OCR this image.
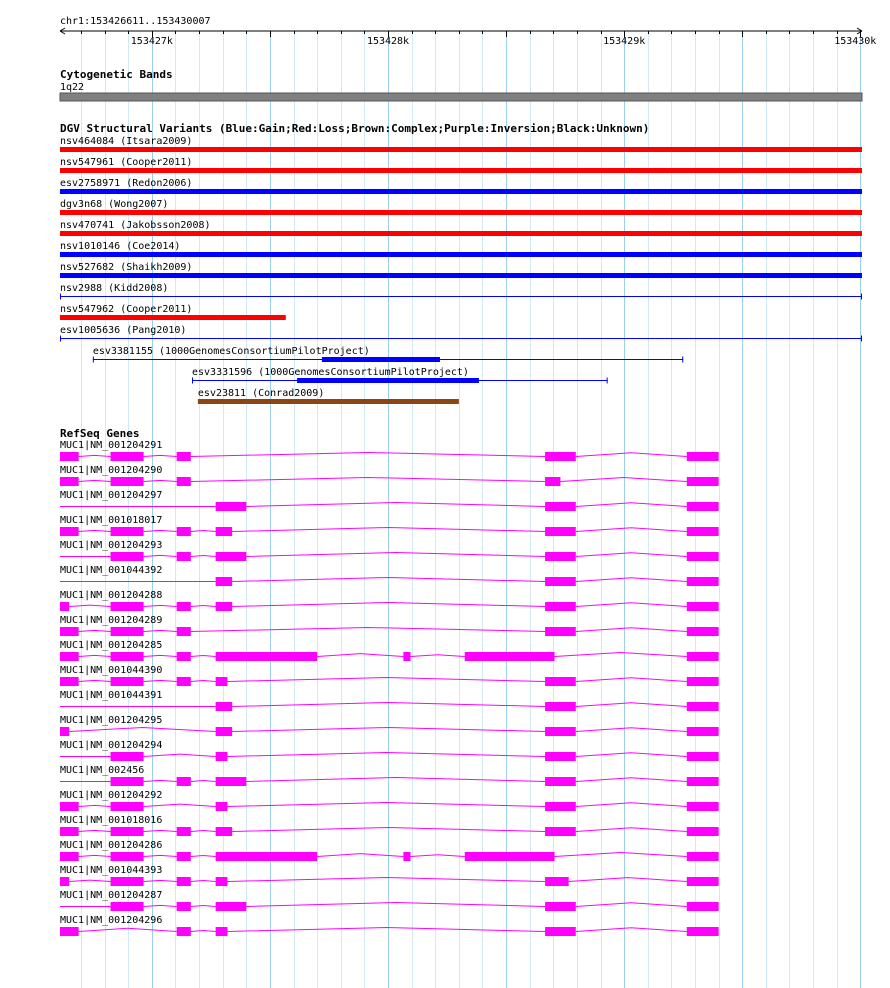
chr1:153426611..153430007
153427k	153428k	153429k	153430k
Cytogenetic Bands
1q22
DGV Structural Variants (Blue:Gain;Red:Loss;Brown:Complex;Purple:Inversion;Black:Unknown)
nsv464084 (Itsara2009)
nsv547961 (Cooper2011)
esv2758971 (Redon2006)
dgv3n68 (Wong2007)
nsv470741 (Jakobsson2008)
nsv1010146 (Coe2014)
nsv527682 (Shaikh2009)
nsv2988 (Kidd2008)
nsv547962 (Cooper2011)
esv1005636 (Pang2010)
esv3381155 (1000GenomesConsortiumPilotProject)
esv3331596 (1000GenomesConsortiumPilotProject)
esv23811 (Conrad2009)
RefSeq Genes
MUC1|NM_001204291
MUC1|NM_001204290
MUC1|NM_001204297
MUC1|NM_001018017
MUC1|NM_001204293
MUC1|NM_001044392
MUC1|NM_001204288
MUC1|NM_001204289
MUC1|NM_001204285
MUC1|NM_001044390
MUC1|NM_001044391
MUC1|NM_001204295
MUC1|NM_001204294
MUC1|NM_002456
MUC1|NM_001204292
MUC1|NM_001018016
MUC1|NM_001204286
MUC1|NM_001044393
MUC1|NM_001204287
MUC1|NM_001204296
